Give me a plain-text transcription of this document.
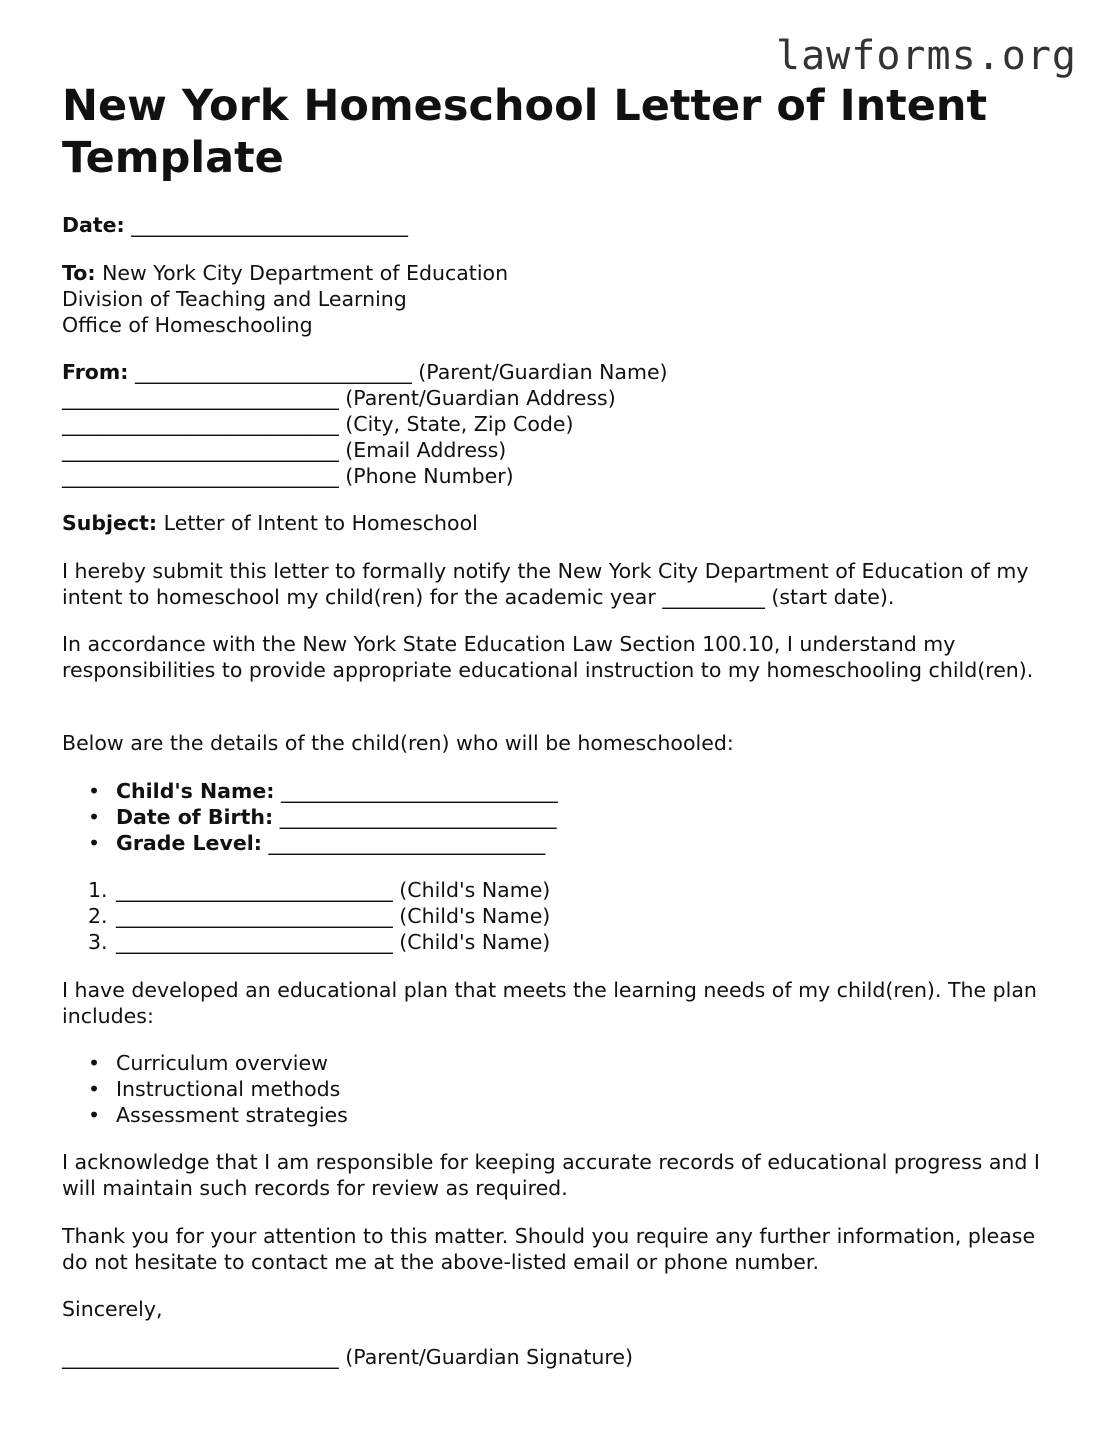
lawforms.org
New York Homeschool Letter of Intent Template
Date: ___________________________

To: New York City Department of Education

Division of Teaching and Learning

Office of Homeschooling

From: ___________________________ (Parent/Guardian Name)

___________________________ (Parent/Guardian Address)

___________________________ (City, State, Zip Code)

___________________________ (Email Address)

___________________________ (Phone Number)

Subject: Letter of Intent to Homeschool
I hereby submit this letter to formally notify the New York City Department of Education of my intent to homeschool my child(ren) for the academic year __________ (start date).
In accordance with the New York State Education Law Section 100.10, I understand my responsibilities to provide appropriate educational instruction to my homeschooling child(ren).
Below are the details of the child(ren) who will be homeschooled:
• Child's Name: ___________________________
• Date of Birth: ___________________________
• Grade Level: ___________________________
1. ___________________________ (Child's Name)
2. ___________________________ (Child's Name)
3. ___________________________ (Child's Name)
I have developed an educational plan that meets the learning needs of my child(ren). The plan includes:
• Curriculum overview
• Instructional methods
• Assessment strategies
I acknowledge that I am responsible for keeping accurate records of educational progress and I will maintain such records for review as required.
Thank you for your attention to this matter. Should you require any further information, please do not hesitate to contact me at the above-listed email or phone number.
Sincerely,
___________________________ (Parent/Guardian Signature)
